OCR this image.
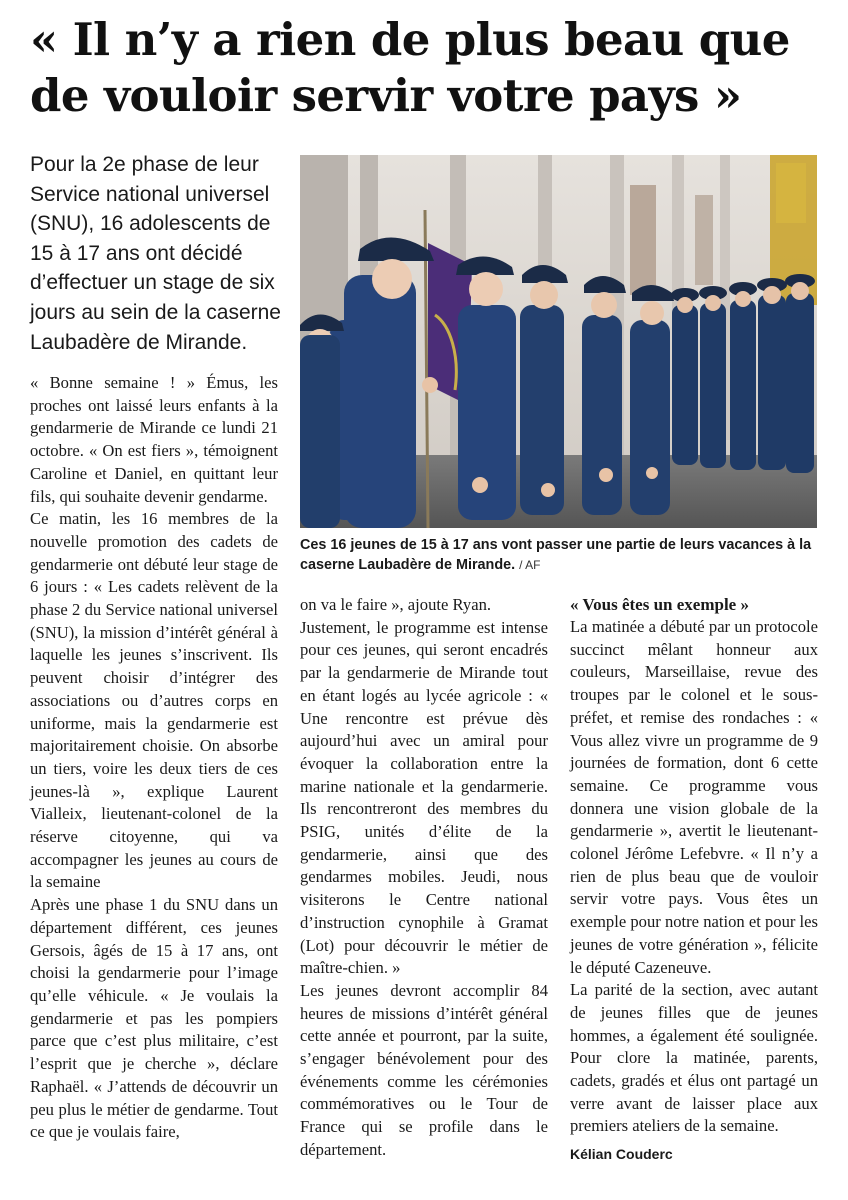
« Il n’y a rien de plus beau que de vouloir servir votre pays »

Pour la 2e phase de leur Service national universel (SNU), 16 adolescents de 15 à 17 ans ont décidé d’effectuer un stage de six jours au sein de la caserne Laubadère de Mirande.

Ces 16 jeunes de 15 à 17 ans vont passer une partie de leurs vacances à la caserne Laubadère de Mirande. / AF

« Bonne semaine ! » Émus, les proches ont laissé leurs enfants à la gendarmerie de Mirande ce lundi 21 octobre. « On est fiers », témoignent Caroline et Daniel, en quittant leur fils, qui souhaite devenir gendarme.

Ce matin, les 16 membres de la nouvelle promotion des cadets de gendarmerie ont débuté leur stage de 6 jours : « Les cadets relèvent de la phase 2 du Service national universel (SNU), la mission d’intérêt général à laquelle les jeunes s’inscrivent. Ils peuvent choisir d’intégrer des associations ou d’autres corps en uniforme, mais la gendarmerie est majoritairement choisie. On absorbe un tiers, voire les deux tiers de ces jeunes-là », explique Laurent Vialleix, lieutenant-colonel de la réserve citoyenne, qui va accompagner les jeunes au cours de la semaine

Après une phase 1 du SNU dans un département différent, ces jeunes Gersois, âgés de 15 à 17 ans, ont choisi la gendarmerie pour l’image qu’elle véhicule. « Je voulais la gendarmerie et pas les pompiers parce que c’est plus militaire, c’est l’esprit que je cherche », déclare Raphaël. « J’attends de découvrir un peu plus le métier de gendarme. Tout ce que je voulais faire,

on va le faire », ajoute Ryan.

Justement, le programme est intense pour ces jeunes, qui seront encadrés par la gendarmerie de Mirande tout en étant logés au lycée agricole : « Une rencontre est prévue dès aujourd’hui avec un amiral pour évoquer la collaboration entre la marine nationale et la gendarmerie. Ils rencontreront des membres du PSIG, unités d’élite de la gendarmerie, ainsi que des gendarmes mobiles. Jeudi, nous visiterons le Centre national d’instruction cynophile à Gramat (Lot) pour découvrir le métier de maître-chien. »

Les jeunes devront accomplir 84 heures de missions d’intérêt général cette année et pourront, par la suite, s’engager bénévolement pour des événements comme les cérémonies commémoratives ou le Tour de France qui se profile dans le département.

« Vous êtes un exemple »

La matinée a débuté par un protocole succinct mêlant honneur aux couleurs, Marseillaise, revue des troupes par le colonel et le sous-préfet, et remise des rondaches : « Vous allez vivre un programme de 9 journées de formation, dont 6 cette semaine. Ce programme vous donnera une vision globale de la gendarmerie », avertit le lieutenant-colonel Jérôme Lefebvre. « Il n’y a rien de plus beau que de vouloir servir votre pays. Vous êtes un exemple pour notre nation et pour les jeunes de votre génération », félicite le député Cazeneuve.

La parité de la section, avec autant de jeunes filles que de jeunes hommes, a également été soulignée. Pour clore la matinée, parents, cadets, gradés et élus ont partagé un verre avant de laisser place aux premiers ateliers de la semaine.

Kélian Couderc
